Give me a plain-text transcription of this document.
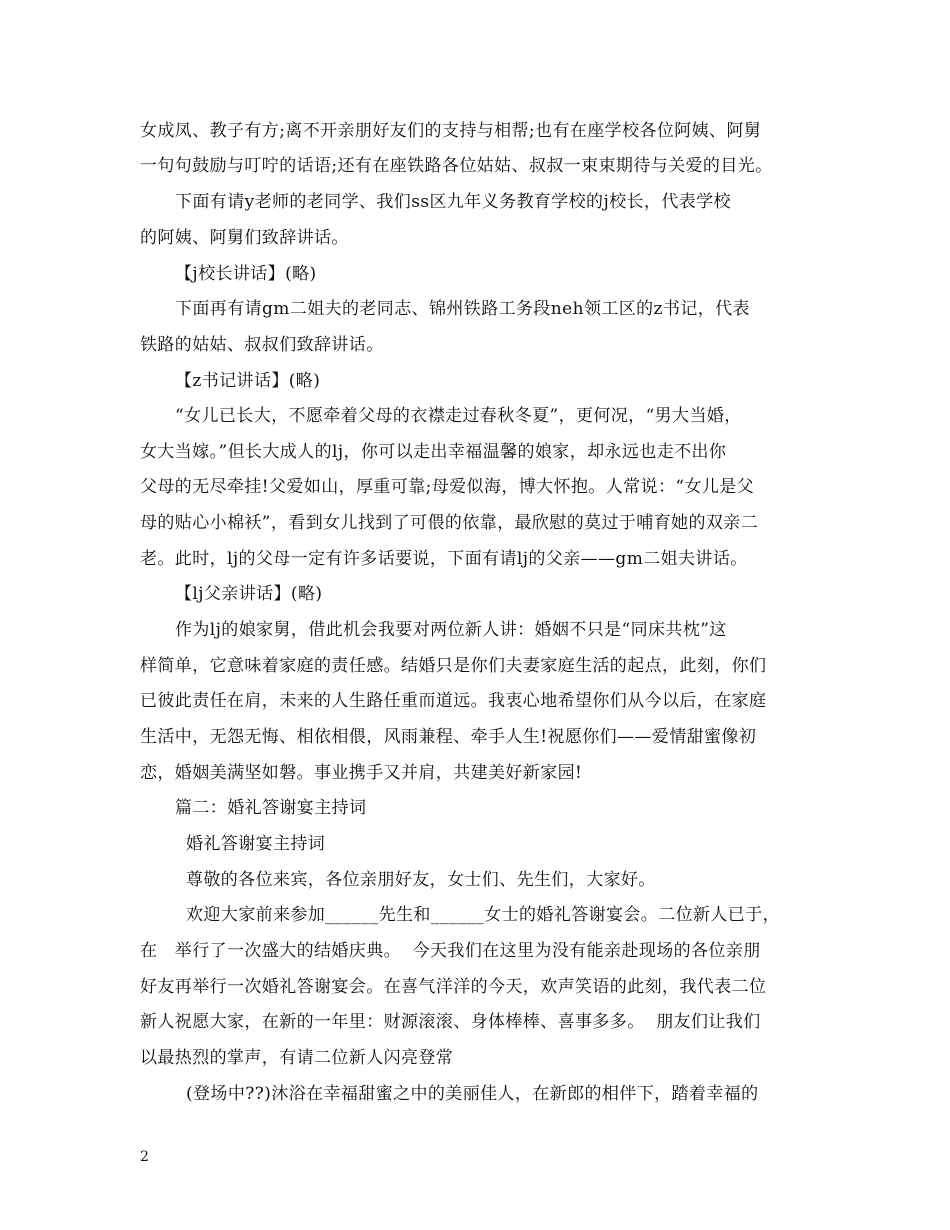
女成凤、教子有方;离不开亲朋好友们的支持与相帮;也有在座学校各位阿姨、阿舅
一句句鼓励与叮咛的话语;还有在座铁路各位姑姑、叔叔一束束期待与关爱的目光。
下面有请y老师的老同学、我们ss区九年义务教育学校的j校长，代表学校
的阿姨、阿舅们致辞讲话。
【j校长讲话】(略)
下面再有请gm二姐夫的老同志、锦州铁路工务段neh领工区的z书记，代表
铁路的姑姑、叔叔们致辞讲话。
【z书记讲话】(略)
“女儿已长大，不愿牵着父母的衣襟走过春秋冬夏”，更何况，“男大当婚，
女大当嫁。”但长大成人的lj，你可以走出幸福温馨的娘家，却永远也走不出你
父母的无尽牵挂!父爱如山，厚重可靠;母爱似海，博大怀抱。人常说：“女儿是父
母的贴心小棉袄”，看到女儿找到了可偎的依靠，最欣慰的莫过于哺育她的双亲二
老。此时，lj的父母一定有许多话要说，下面有请lj的父亲——gm二姐夫讲话。
【lj父亲讲话】(略)
作为lj的娘家舅，借此机会我要对两位新人讲：婚姻不只是“同床共枕”这
样简单，它意味着家庭的责任感。结婚只是你们夫妻家庭生活的起点，此刻，你们
已彼此责任在肩，未来的人生路任重而道远。我衷心地希望你们从今以后，在家庭
生活中，无怨无悔、相依相偎，风雨兼程、牵手人生!祝愿你们——爱情甜蜜像初
恋，婚姻美满坚如磐。事业携手又并肩，共建美好新家园!
篇二：婚礼答谢宴主持词
婚礼答谢宴主持词
尊敬的各位来宾，各位亲朋好友，女士们、先生们，大家好。
欢迎大家前来参加______先生和______女士的婚礼答谢宴会。二位新人已于，
在   举行了一次盛大的结婚庆典。  今天我们在这里为没有能亲赴现场的各位亲朋
好友再举行一次婚礼答谢宴会。在喜气洋洋的今天，欢声笑语的此刻，我代表二位
新人祝愿大家，在新的一年里：财源滚滚、身体棒棒、喜事多多。  朋友们让我们
以最热烈的掌声，有请二位新人闪亮登常
(登场中??)沐浴在幸福甜蜜之中的美丽佳人，在新郎的相伴下，踏着幸福的
2
